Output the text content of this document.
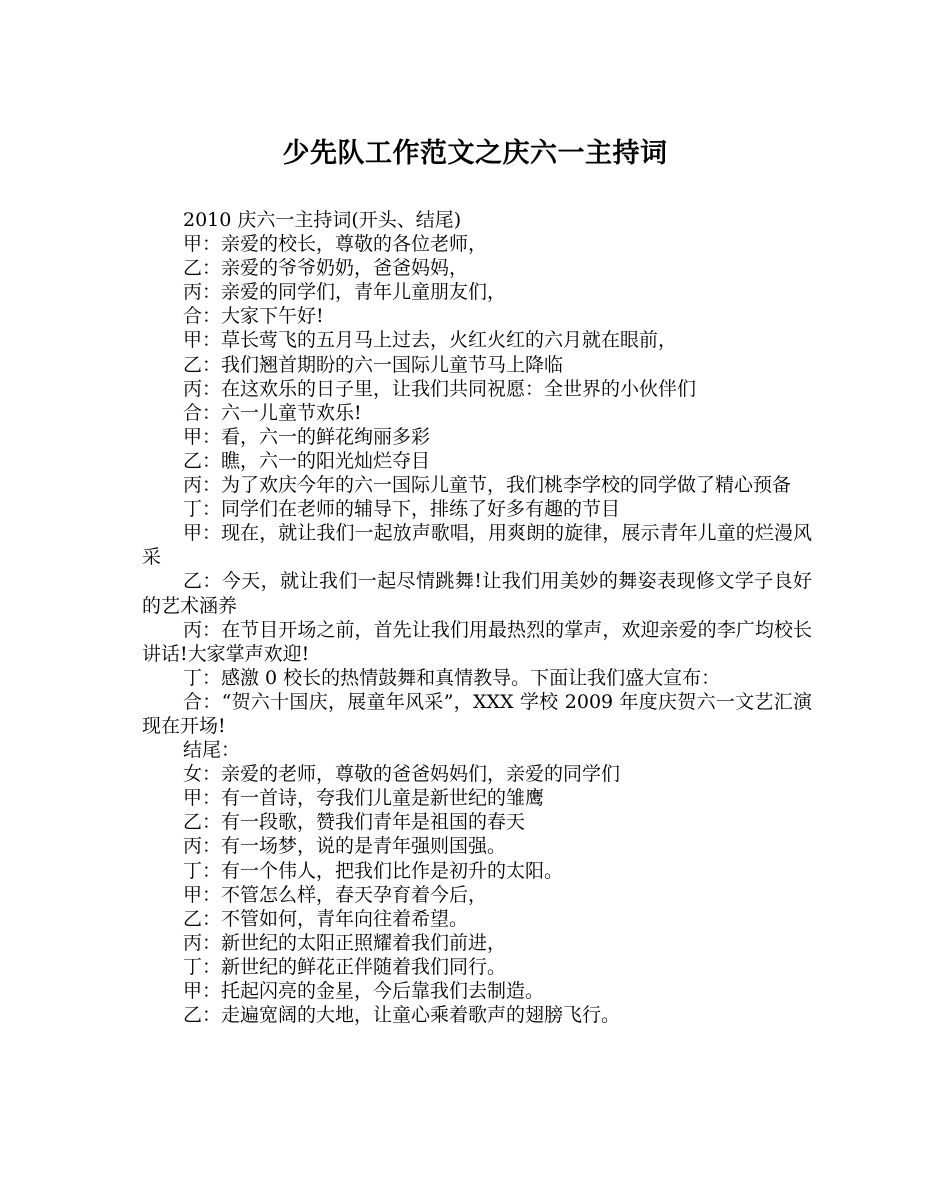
少先队工作范文之庆六一主持词

2010 庆六一主持词(开头、结尾)

甲：亲爱的校长，尊敬的各位老师，

乙：亲爱的爷爷奶奶，爸爸妈妈，

丙：亲爱的同学们，青年儿童朋友们，

合：大家下午好!

甲：草长莺飞的五月马上过去，火红火红的六月就在眼前，

乙：我们翘首期盼的六一国际儿童节马上降临

丙：在这欢乐的日子里，让我们共同祝愿：全世界的小伙伴们

合：六一儿童节欢乐!

甲：看，六一的鲜花绚丽多彩

乙：瞧，六一的阳光灿烂夺目

丙：为了欢庆今年的六一国际儿童节，我们桃李学校的同学做了精心预备

丁：同学们在老师的辅导下，排练了好多有趣的节目

甲：现在，就让我们一起放声歌唱，用爽朗的旋律，展示青年儿童的烂漫风采

乙：今天，就让我们一起尽情跳舞!让我们用美妙的舞姿表现修文学子良好的艺术涵养

丙：在节目开场之前，首先让我们用最热烈的掌声，欢迎亲爱的李广均校长讲话!大家掌声欢迎!

丁：感激 0 校长的热情鼓舞和真情教导。下面让我们盛大宣布：

合：“贺六十国庆，展童年风采”，XXX 学校 2009 年度庆贺六一文艺汇演现在开场!

结尾：

女：亲爱的老师，尊敬的爸爸妈妈们，亲爱的同学们

甲：有一首诗，夸我们儿童是新世纪的雏鹰

乙：有一段歌，赞我们青年是祖国的春天

丙：有一场梦，说的是青年强则国强。

丁：有一个伟人，把我们比作是初升的太阳。

甲：不管怎么样，春天孕育着今后，

乙：不管如何，青年向往着希望。

丙：新世纪的太阳正照耀着我们前进，

丁：新世纪的鲜花正伴随着我们同行。

甲：托起闪亮的金星，今后靠我们去制造。

乙：走遍宽阔的大地，让童心乘着歌声的翅膀飞行。
